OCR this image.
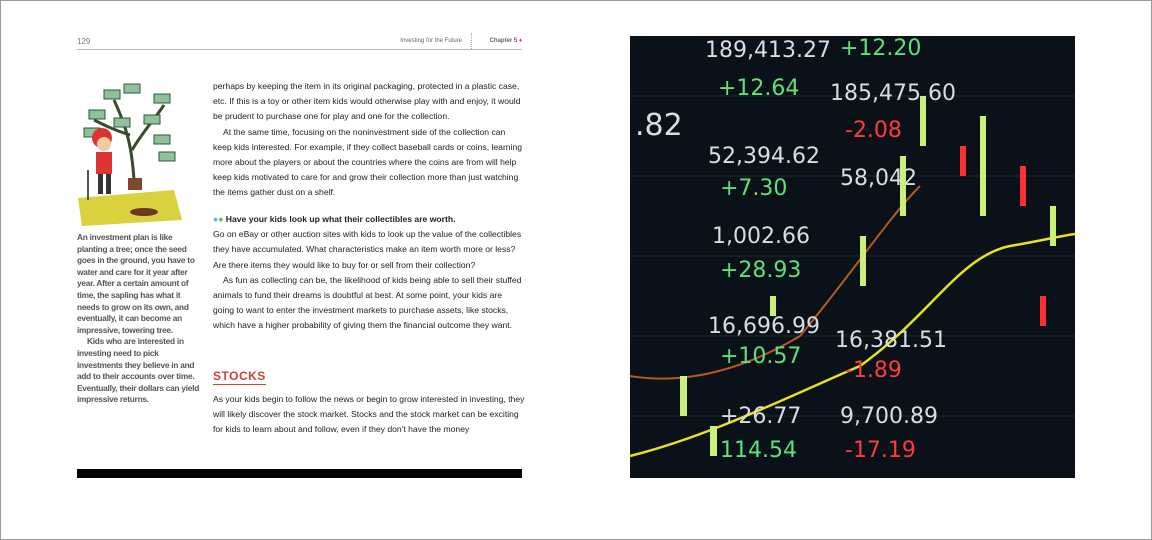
129	Investing for the Future	Chapter 5 ♦

An investment plan is like planting a tree; once the seed goes in the ground, you have to water and care for it year after year. After a certain amount of time, the sapling has what it needs to grow on its own, and eventually, it can become an impressive, towering tree.

Kids who are interested in investing need to pick investments they believe in and add to their accounts over time. Eventually, their dollars can yield impressive returns.

perhaps by keeping the item in its original packaging, protected in a plastic case, etc. If this is a toy or other item kids would otherwise play with and enjoy, it would be prudent to purchase one for play and one for the collection.

At the same time, focusing on the noninvestment side of the collection can keep kids interested. For example, if they collect baseball cards or coins, learning more about the players or about the countries where the coins are from will help keep kids motivated to care for and grow their collection more than just watching the items gather dust on a shelf.

●● Have your kids look up what their collectibles are worth.

Go on eBay or other auction sites with kids to look up the value of the collectibles they have accumulated. What characteristics make an item worth more or less? Are there items they would like to buy for or sell from their collection?

As fun as collecting can be, the likelihood of kids being able to sell their stuffed animals to fund their dreams is doubtful at best. At some point, your kids are going to want to enter the investment markets to purchase assets, like stocks, which have a higher probability of giving them the financial outcome they want.

STOCKS

As your kids begin to follow the news or begin to grow interested in investing, they will likely discover the stock market. Stocks and the stock market can be exciting for kids to learn about and follow, even if they don't have the money

189,413.27 +12.20
+12.64 185,475.60
.82	-2.08
52,394.62
+7.30 58,042
1,002.66
+28.93
16,696.99
+10.57
16,381.51
-1.89
+26.77 9,700.89
114.54 -17.19
